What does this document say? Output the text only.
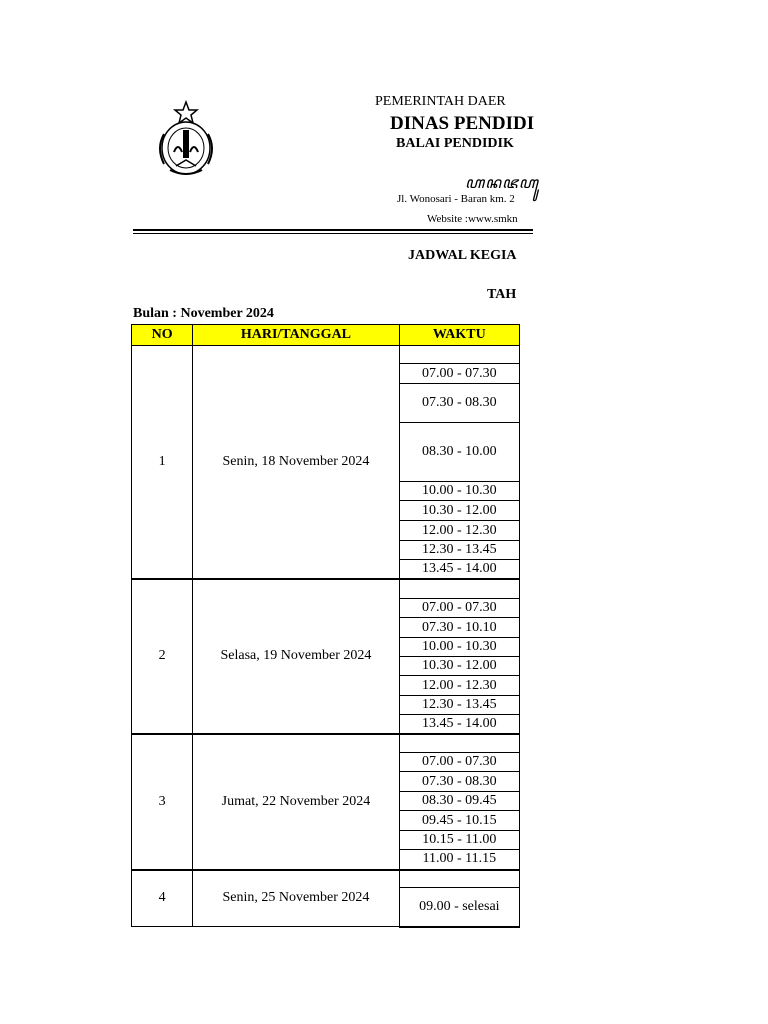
PEMERINTAH DAER
DINAS PENDIDI
BALAI PENDIDIK
ꦲꦤꦗꦲꦸ
Jl. Wonosari - Baran km. 2
Website :www.smkn
JADWAL KEGIA
TAH
Bulan : November 2024
NO	HARI/TANGGAL	WAKTU
1	Senin, 18 November 2024	
		07.00 - 07.30
		07.30 - 08.30
		08.30 - 10.00
		10.00 - 10.30
		10.30 - 12.00
		12.00 - 12.30
		12.30 - 13.45
		13.45 - 14.00
2	Selasa, 19 November 2024	
		07.00 - 07.30
		07.30 - 10.10
		10.00 - 10.30
		10.30 - 12.00
		12.00 - 12.30
		12.30 - 13.45
		13.45 - 14.00
3	Jumat, 22 November 2024	
		07.00 - 07.30
		07.30 - 08.30
		08.30 - 09.45
		09.45 - 10.15
		10.15 - 11.00
		11.00 - 11.15
4	Senin, 25 November 2024	
		09.00 - selesai
